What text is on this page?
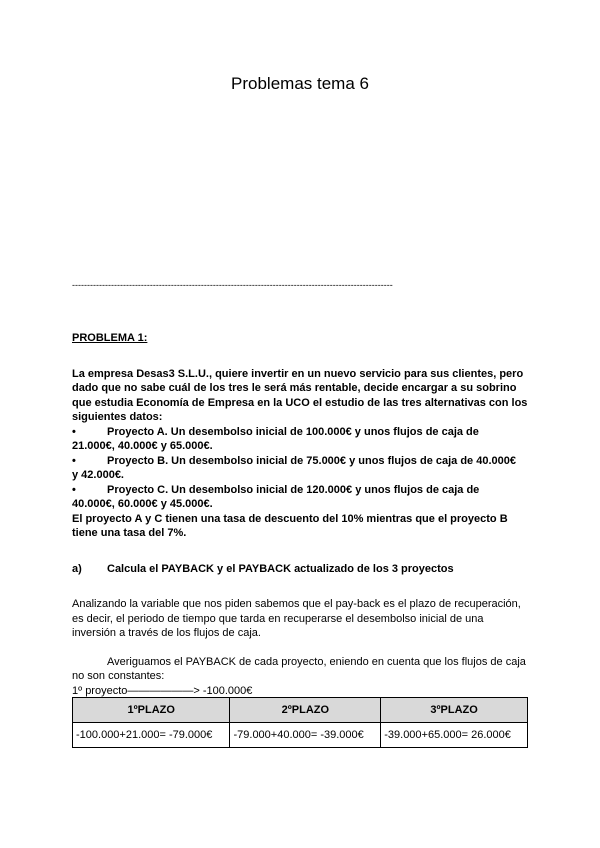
Problemas tema 6
-----------------------------------------------------------------------------------------------------------

PROBLEMA 1:

La empresa Desas3 S.L.U., quiere invertir en un nuevo servicio para sus clientes, pero dado que no sabe cuál de los tres le será más rentable, decide encargar a su sobrino que estudia Economía de Empresa en la UCO el estudio de las tres alternativas con los siguientes datos:

•	Proyecto A. Un desembolso inicial de 100.000€ y unos flujos de caja de

21.000€, 40.000€ y 65.000€.

•	Proyecto B. Un desembolso inicial de 75.000€ y unos flujos de caja de 40.000€

y 42.000€.

•	Proyecto C. Un desembolso inicial de 120.000€ y unos flujos de caja de

40.000€, 60.000€ y 45.000€.

El proyecto A y C tienen una tasa de descuento del 10% mientras que el proyecto B tiene una tasa del 7%.

a)	Calcula el PAYBACK y el PAYBACK actualizado de los 3 proyectos

Analizando la variable que nos piden sabemos que el pay-back es el plazo de recuperación, es decir, el periodo de tiempo que tarda en recuperarse el desembolso inicial de una inversión a través de los flujos de caja.

Averiguamos el PAYBACK de cada proyecto, eniendo en cuenta que los flujos de caja no son constantes:

1º proyecto——————> -100.000€

1ºPLAZO	2ºPLAZO	3ºPLAZO
-100.000+21.000= -79.000€	-79.000+40.000= -39.000€	-39.000+65.000= 26.000€
